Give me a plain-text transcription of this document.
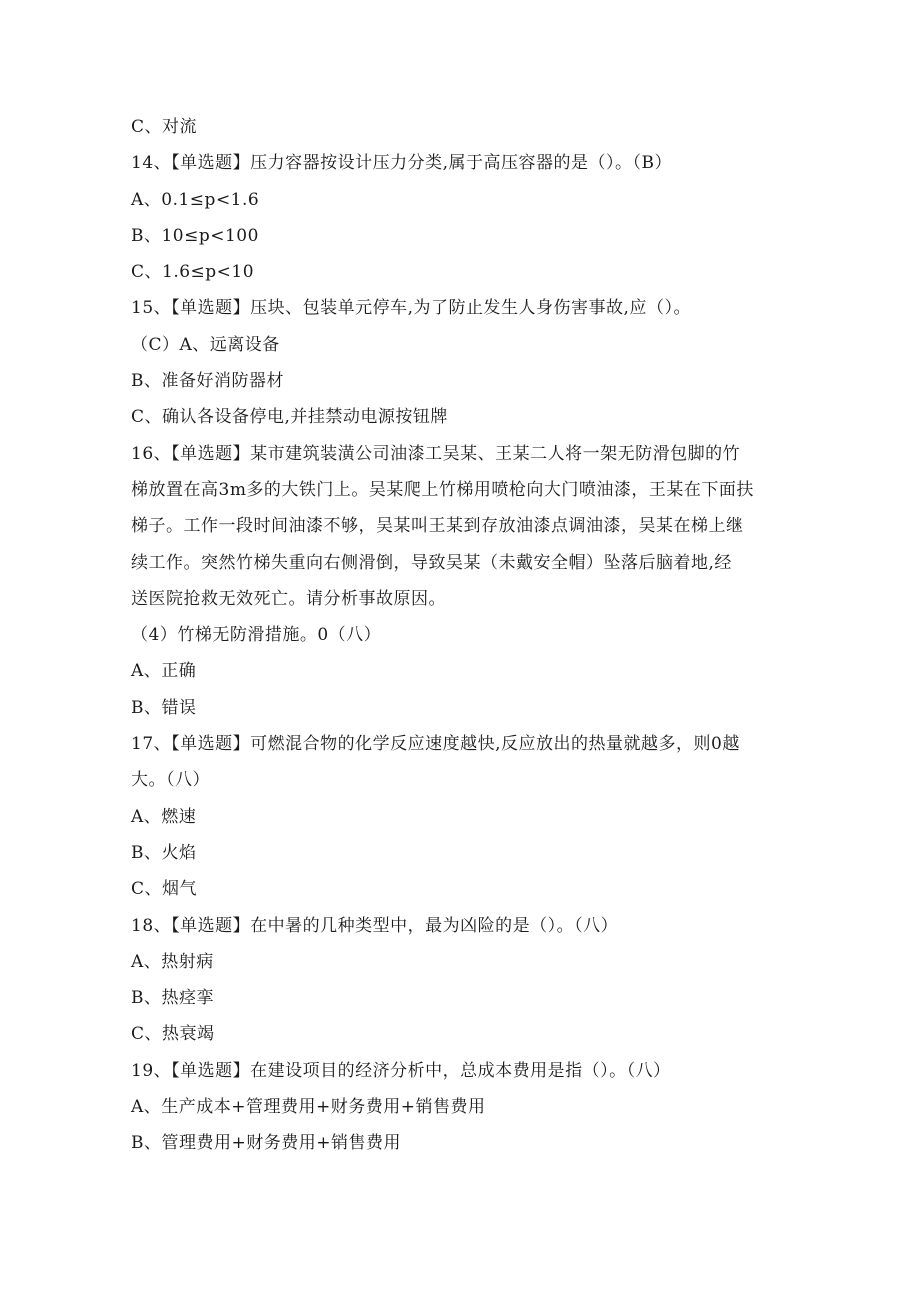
C、对流
14、【单选题】压力容器按设计压力分类,属于高压容器的是（）。（B）
A、0.1≤p<1.6
B、10≤p<100
C、1.6≤p<10
15、【单选题】压块、包装单元停车,为了防止发生人身伤害事故,应（）。
（C）A、远离设备
B、准备好消防器材
C、确认各设备停电,并挂禁动电源按钮牌
16、【单选题】某市建筑装潢公司油漆工吴某、王某二人将一架无防滑包脚的竹
梯放置在高3m多的大铁门上。吴某爬上竹梯用喷枪向大门喷油漆，王某在下面扶
梯子。工作一段时间油漆不够，吴某叫王某到存放油漆点调油漆，吴某在梯上继
续工作。突然竹梯失重向右侧滑倒，导致吴某（未戴安全帽）坠落后脑着地,经
送医院抢救无效死亡。请分析事故原因。
（4）竹梯无防滑措施。0（八）
A、正确
B、错误
17、【单选题】可燃混合物的化学反应速度越快,反应放出的热量就越多，则0越
大。（八）
A、燃速
B、火焰
C、烟气
18、【单选题】在中暑的几种类型中，最为凶险的是（）。（八）
A、热射病
B、热痉挛
C、热衰竭
19、【单选题】在建设项目的经济分析中，总成本费用是指（）。（八）
A、生产成本+管理费用+财务费用+销售费用
B、管理费用+财务费用+销售费用
